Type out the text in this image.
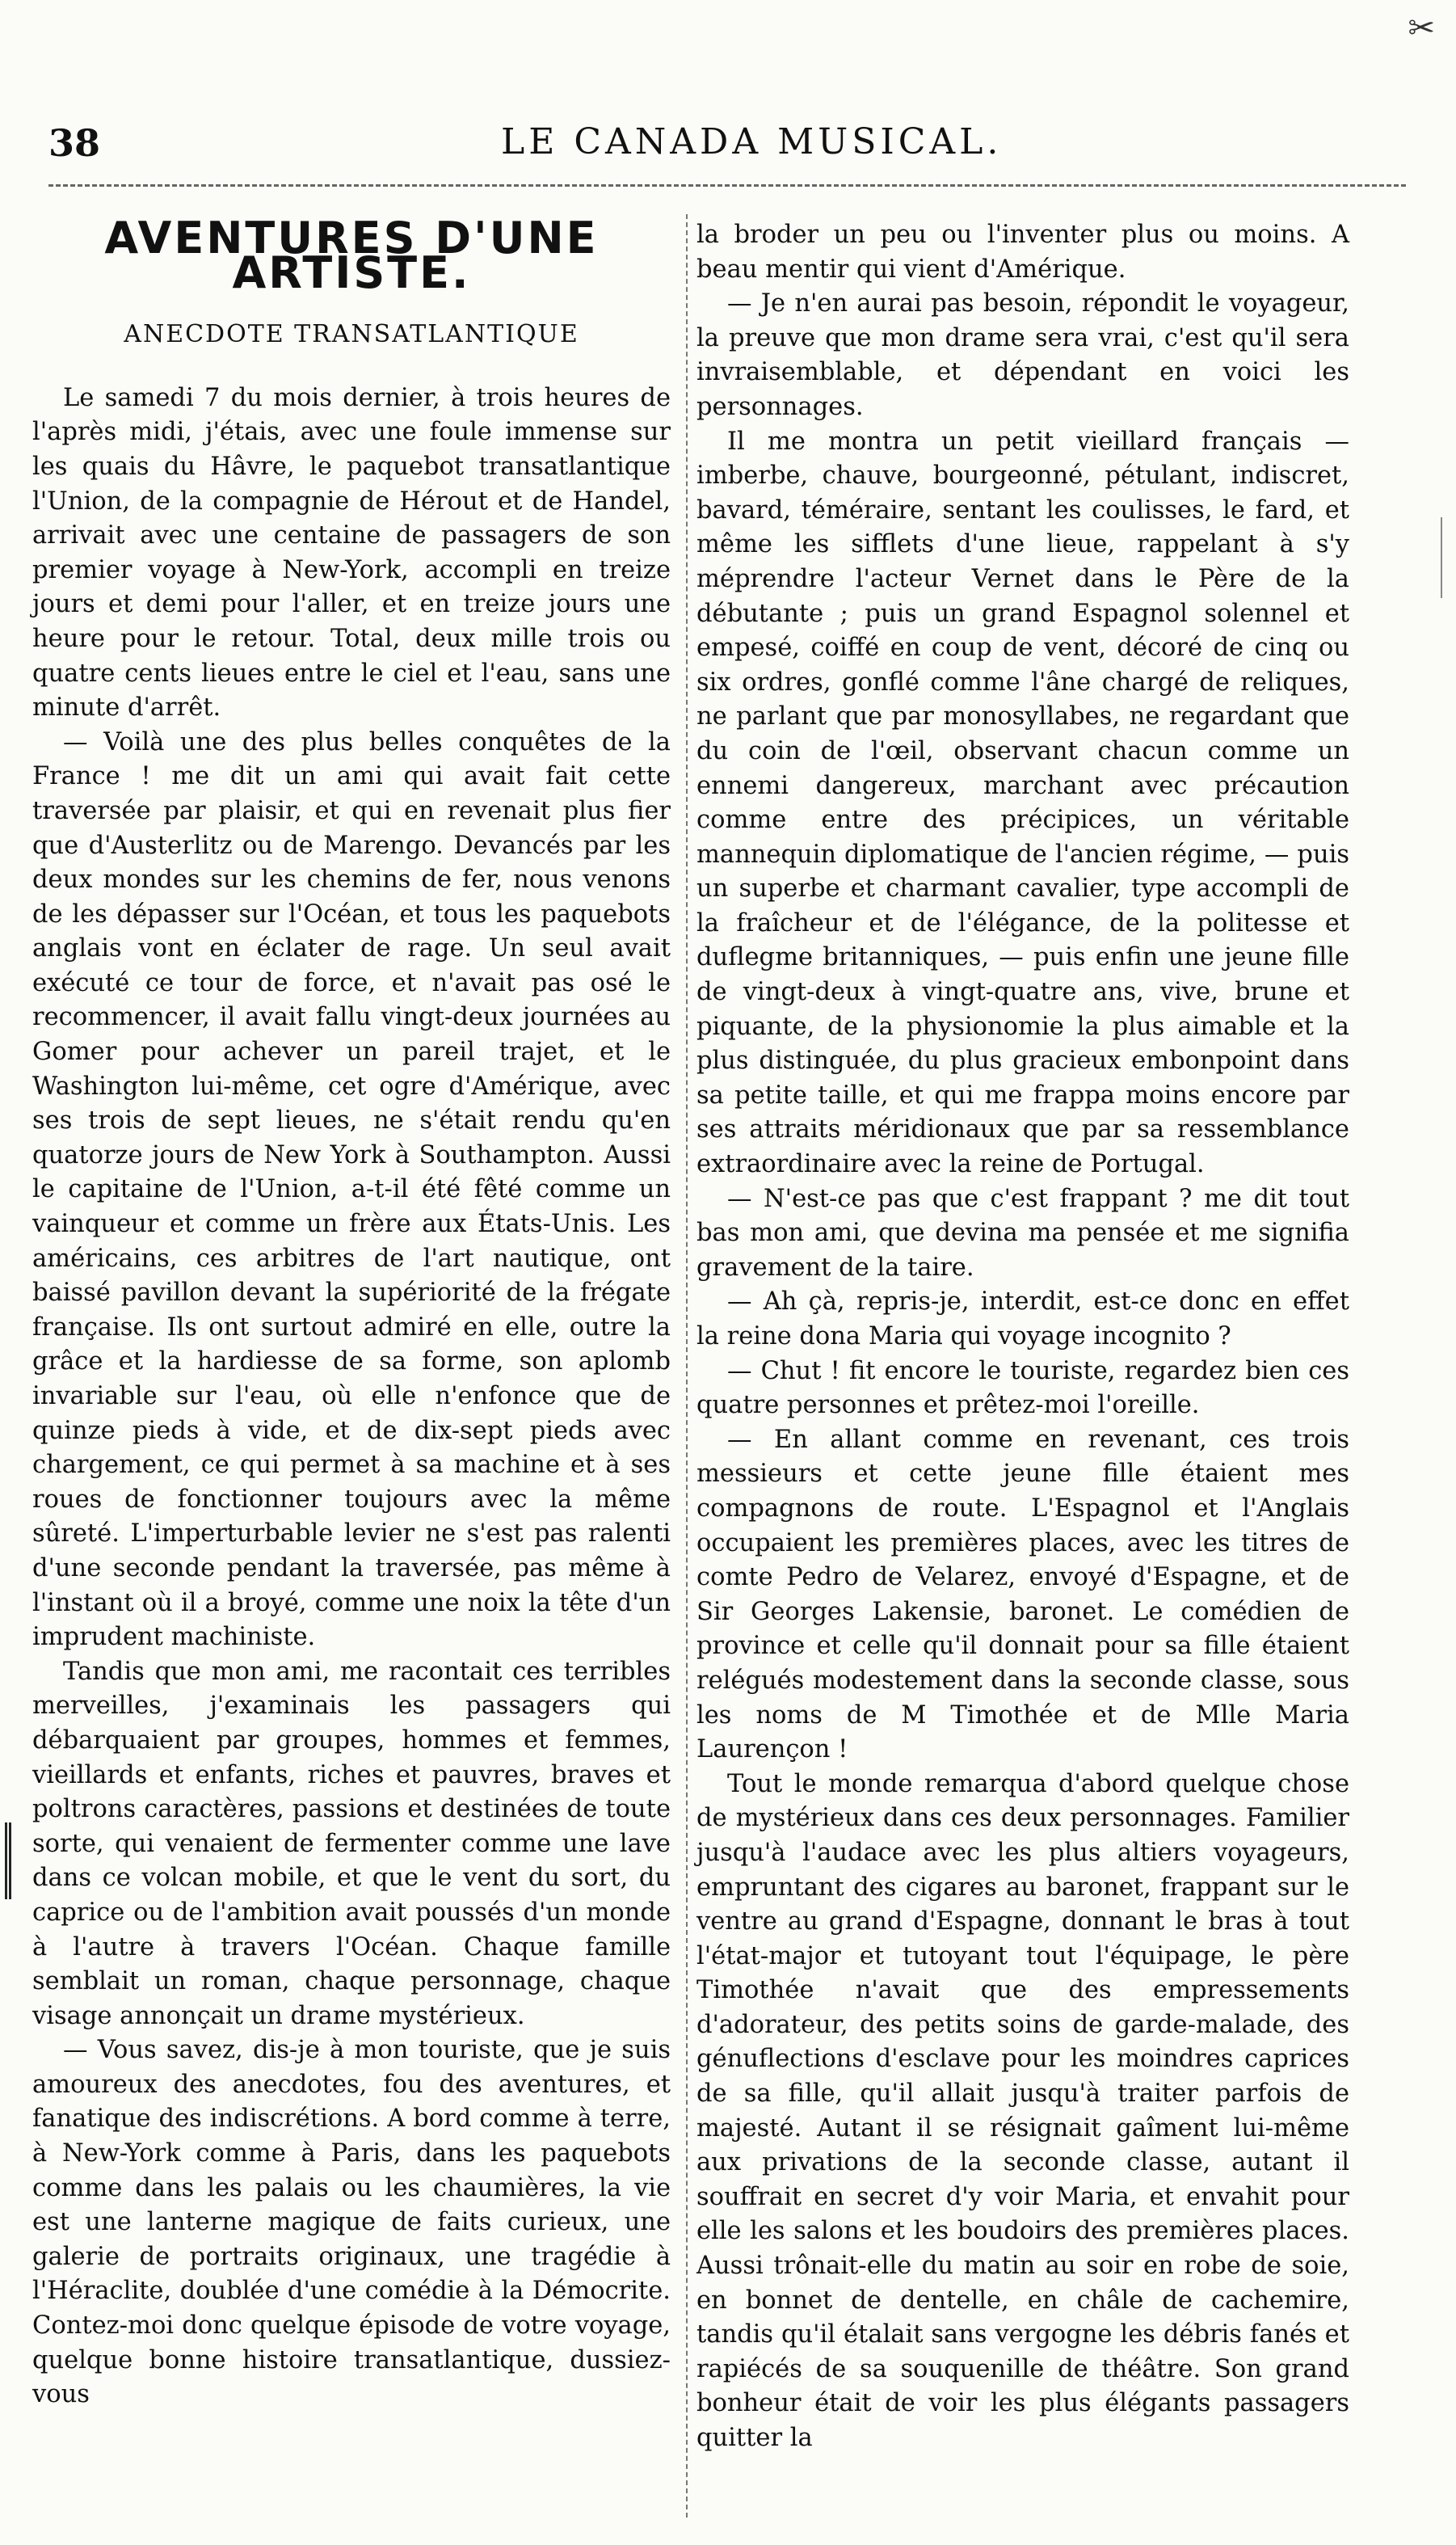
✂
38	LE CANADA MUSICAL.
AVENTURES D'UNE ARTISTE.
ANECDOTE TRANSATLANTIQUE

Le samedi 7 du mois dernier, à trois heures de l'après midi, j'étais, avec une foule immense sur les quais du Hâvre, le paquebot transatlantique l'Union, de la compagnie de Hérout et de Handel, arrivait avec une centaine de passagers de son premier voyage à New-York, accompli en treize jours et demi pour l'aller, et en treize jours une heure pour le retour. Total, deux mille trois ou quatre cents lieues entre le ciel et l'eau, sans une minute d'arrêt.

— Voilà une des plus belles conquêtes de la France ! me dit un ami qui avait fait cette traversée par plaisir, et qui en revenait plus fier que d'Austerlitz ou de Marengo. Devancés par les deux mondes sur les chemins de fer, nous venons de les dépasser sur l'Océan, et tous les paquebots anglais vont en éclater de rage. Un seul avait exécuté ce tour de force, et n'avait pas osé le recommencer, il avait fallu vingt-deux journées au Gomer pour achever un pareil trajet, et le Washington lui-même, cet ogre d'Amérique, avec ses trois de sept lieues, ne s'était rendu qu'en quatorze jours de New York à Southampton. Aussi le capitaine de l'Union, a-t-il été fêté comme un vainqueur et comme un frère aux États-Unis. Les américains, ces arbitres de l'art nautique, ont baissé pavillon devant la supériorité de la frégate française. Ils ont surtout admiré en elle, outre la grâce et la hardiesse de sa forme, son aplomb invariable sur l'eau, où elle n'enfonce que de quinze pieds à vide, et de dix-sept pieds avec chargement, ce qui permet à sa machine et à ses roues de fonctionner toujours avec la même sûreté. L'imperturbable levier ne s'est pas ralenti d'une seconde pendant la traversée, pas même à l'instant où il a broyé, comme une noix la tête d'un imprudent machiniste.

Tandis que mon ami, me racontait ces terribles merveilles, j'examinais les passagers qui débarquaient par groupes, hommes et femmes, vieillards et enfants, riches et pauvres, braves et poltrons caractères, passions et destinées de toute sorte, qui venaient de fermenter comme une lave dans ce volcan mobile, et que le vent du sort, du caprice ou de l'ambition avait poussés d'un monde à l'autre à travers l'Océan. Chaque famille semblait un roman, chaque personnage, chaque visage annonçait un drame mystérieux.

— Vous savez, dis-je à mon touriste, que je suis amoureux des anecdotes, fou des aventures, et fanatique des indiscrétions. A bord comme à terre, à New-York comme à Paris, dans les paquebots comme dans les palais ou les chaumières, la vie est une lanterne magique de faits curieux, une galerie de portraits originaux, une tragédie à l'Héraclite, doublée d'une comédie à la Démocrite. Contez-moi donc quelque épisode de votre voyage, quelque bonne histoire transatlantique, dussiez-vous

la broder un peu ou l'inventer plus ou moins. A beau mentir qui vient d'Amérique.

— Je n'en aurai pas besoin, répondit le voyageur, la preuve que mon drame sera vrai, c'est qu'il sera invraisemblable, et dépendant en voici les personnages.

Il me montra un petit vieillard français — imberbe, chauve, bourgeonné, pétulant, indiscret, bavard, téméraire, sentant les coulisses, le fard, et même les sifflets d'une lieue, rappelant à s'y méprendre l'acteur Vernet dans le Père de la débutante ; puis un grand Espagnol solennel et empesé, coiffé en coup de vent, décoré de cinq ou six ordres, gonflé comme l'âne chargé de reliques, ne parlant que par monosyllabes, ne regardant que du coin de l'œil, observant chacun comme un ennemi dangereux, marchant avec précaution comme entre des précipices, un véritable mannequin diplomatique de l'ancien régime, — puis un superbe et charmant cavalier, type accompli de la fraîcheur et de l'élégance, de la politesse et duflegme britanniques, — puis enfin une jeune fille de vingt-deux à vingt-quatre ans, vive, brune et piquante, de la physionomie la plus aimable et la plus distinguée, du plus gracieux embonpoint dans sa petite taille, et qui me frappa moins encore par ses attraits méridionaux que par sa ressemblance extraordinaire avec la reine de Portugal.

— N'est-ce pas que c'est frappant ? me dit tout bas mon ami, que devina ma pensée et me signifia gravement de la taire.

— Ah çà, repris-je, interdit, est-ce donc en effet la reine dona Maria qui voyage incognito ?

— Chut ! fit encore le touriste, regardez bien ces quatre personnes et prêtez-moi l'oreille.

— En allant comme en revenant, ces trois messieurs et cette jeune fille étaient mes compagnons de route. L'Espagnol et l'Anglais occupaient les premières places, avec les titres de comte Pedro de Velarez, envoyé d'Espagne, et de Sir Georges Lakensie, baronet. Le comédien de province et celle qu'il donnait pour sa fille étaient relégués modestement dans la seconde classe, sous les noms de M Timothée et de Mlle Maria Laurençon !

Tout le monde remarqua d'abord quelque chose de mystérieux dans ces deux personnages. Familier jusqu'à l'audace avec les plus altiers voyageurs, empruntant des cigares au baronet, frappant sur le ventre au grand d'Espagne, donnant le bras à tout l'état-major et tutoyant tout l'équipage, le père Timothée n'avait que des empressements d'adorateur, des petits soins de garde-malade, des génuflections d'esclave pour les moindres caprices de sa fille, qu'il allait jusqu'à traiter parfois de majesté. Autant il se résignait gaîment lui-même aux privations de la seconde classe, autant il souffrait en secret d'y voir Maria, et envahit pour elle les salons et les boudoirs des premières places. Aussi trônait-elle du matin au soir en robe de soie, en bonnet de dentelle, en châle de cachemire, tandis qu'il étalait sans vergogne les débris fanés et rapiécés de sa souquenille de théâtre. Son grand bonheur était de voir les plus élégants passagers quitter la
